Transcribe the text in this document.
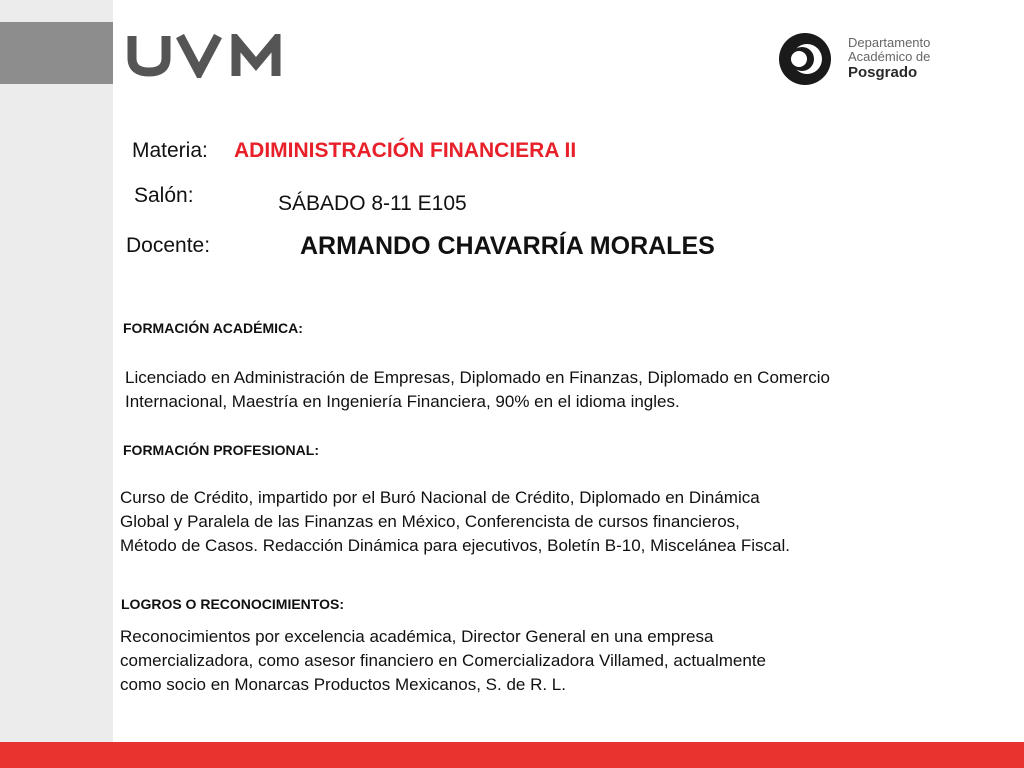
Departamento
Académico de
Posgrado
Materia: ADIMINISTRACIÓN FINANCIERA II
Salón:	SÁBADO 8-11 E105
Docente:	ARMANDO CHAVARRÍA MORALES
FORMACIÓN ACADÉMICA:
Licenciado en Administración de Empresas, Diplomado en Finanzas, Diplomado en Comercio
Internacional, Maestría en Ingeniería Financiera, 90% en el idioma ingles.
FORMACIÓN PROFESIONAL:
Curso de Crédito, impartido por el Buró Nacional de Crédito, Diplomado en Dinámica
Global y Paralela de las Finanzas en México, Conferencista de cursos financieros,
Método de Casos. Redacción Dinámica para ejecutivos, Boletín B-10, Miscelánea Fiscal.
LOGROS O RECONOCIMIENTOS:
Reconocimientos por excelencia académica, Director General en una empresa
comercializadora, como asesor financiero en Comercializadora Villamed, actualmente
como socio en Monarcas Productos Mexicanos, S. de R. L.
